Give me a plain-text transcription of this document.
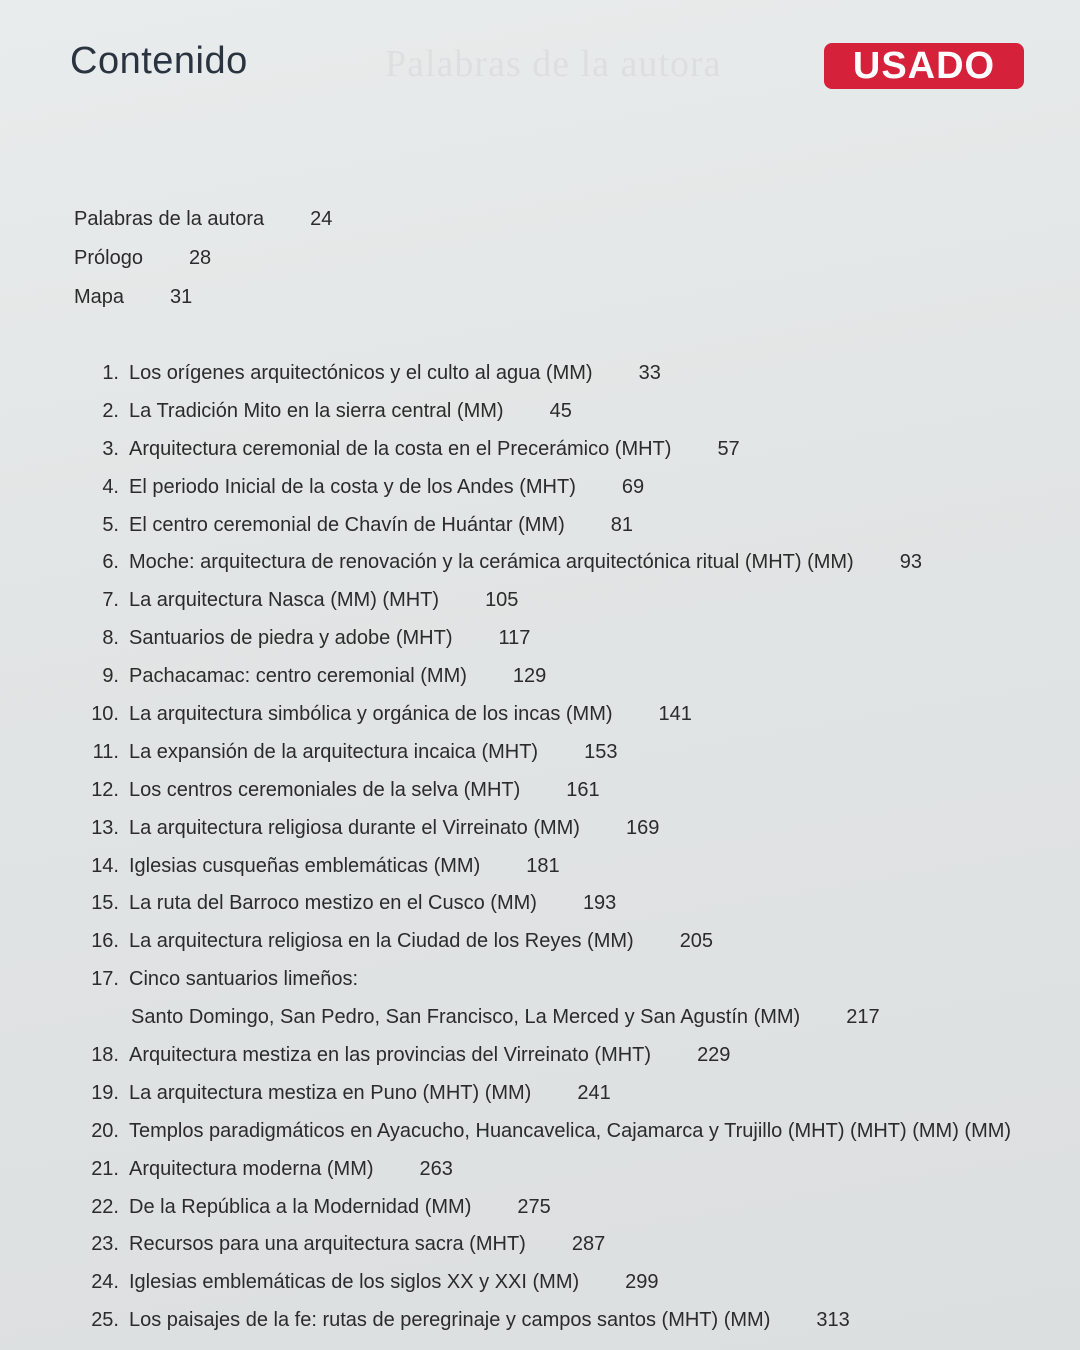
Contenido	USADO
Palabras de la autora 24
Prólogo 28
Mapa 31
1. Los orígenes arquitectónicos y el culto al agua (MM) 33
2. La Tradición Mito en la sierra central (MM) 45
3. Arquitectura ceremonial de la costa en el Precerámico (MHT) 57
4. El periodo Inicial de la costa y de los Andes (MHT) 69
5. El centro ceremonial de Chavín de Huántar (MM) 81
6. Moche: arquitectura de renovación y la cerámica arquitectónica ritual (MHT) (MM) 93
7. La arquitectura Nasca (MM) (MHT) 105
8. Santuarios de piedra y adobe (MHT) 117
9. Pachacamac: centro ceremonial (MM) 129
10. La arquitectura simbólica y orgánica de los incas (MM) 141
11. La expansión de la arquitectura incaica (MHT) 153
12. Los centros ceremoniales de la selva (MHT) 161
13. La arquitectura religiosa durante el Virreinato (MM) 169
14. Iglesias cusqueñas emblemáticas (MM) 181
15. La ruta del Barroco mestizo en el Cusco (MM) 193
16. La arquitectura religiosa en la Ciudad de los Reyes (MM) 205
17. Cinco santuarios limeños:
Santo Domingo, San Pedro, San Francisco, La Merced y San Agustín (MM) 217
18. Arquitectura mestiza en las provincias del Virreinato (MHT) 229
19. La arquitectura mestiza en Puno (MHT) (MM) 241
20. Templos paradigmáticos en Ayacucho, Huancavelica, Cajamarca y Trujillo (MHT) (MHT) (MM) (MM)
21. Arquitectura moderna (MM) 263
22. De la República a la Modernidad (MM) 275
23. Recursos para una arquitectura sacra (MHT) 287
24. Iglesias emblemáticas de los siglos XX y XXI (MM) 299
25. Los paisajes de la fe: rutas de peregrinaje y campos santos (MHT) (MM) 313
